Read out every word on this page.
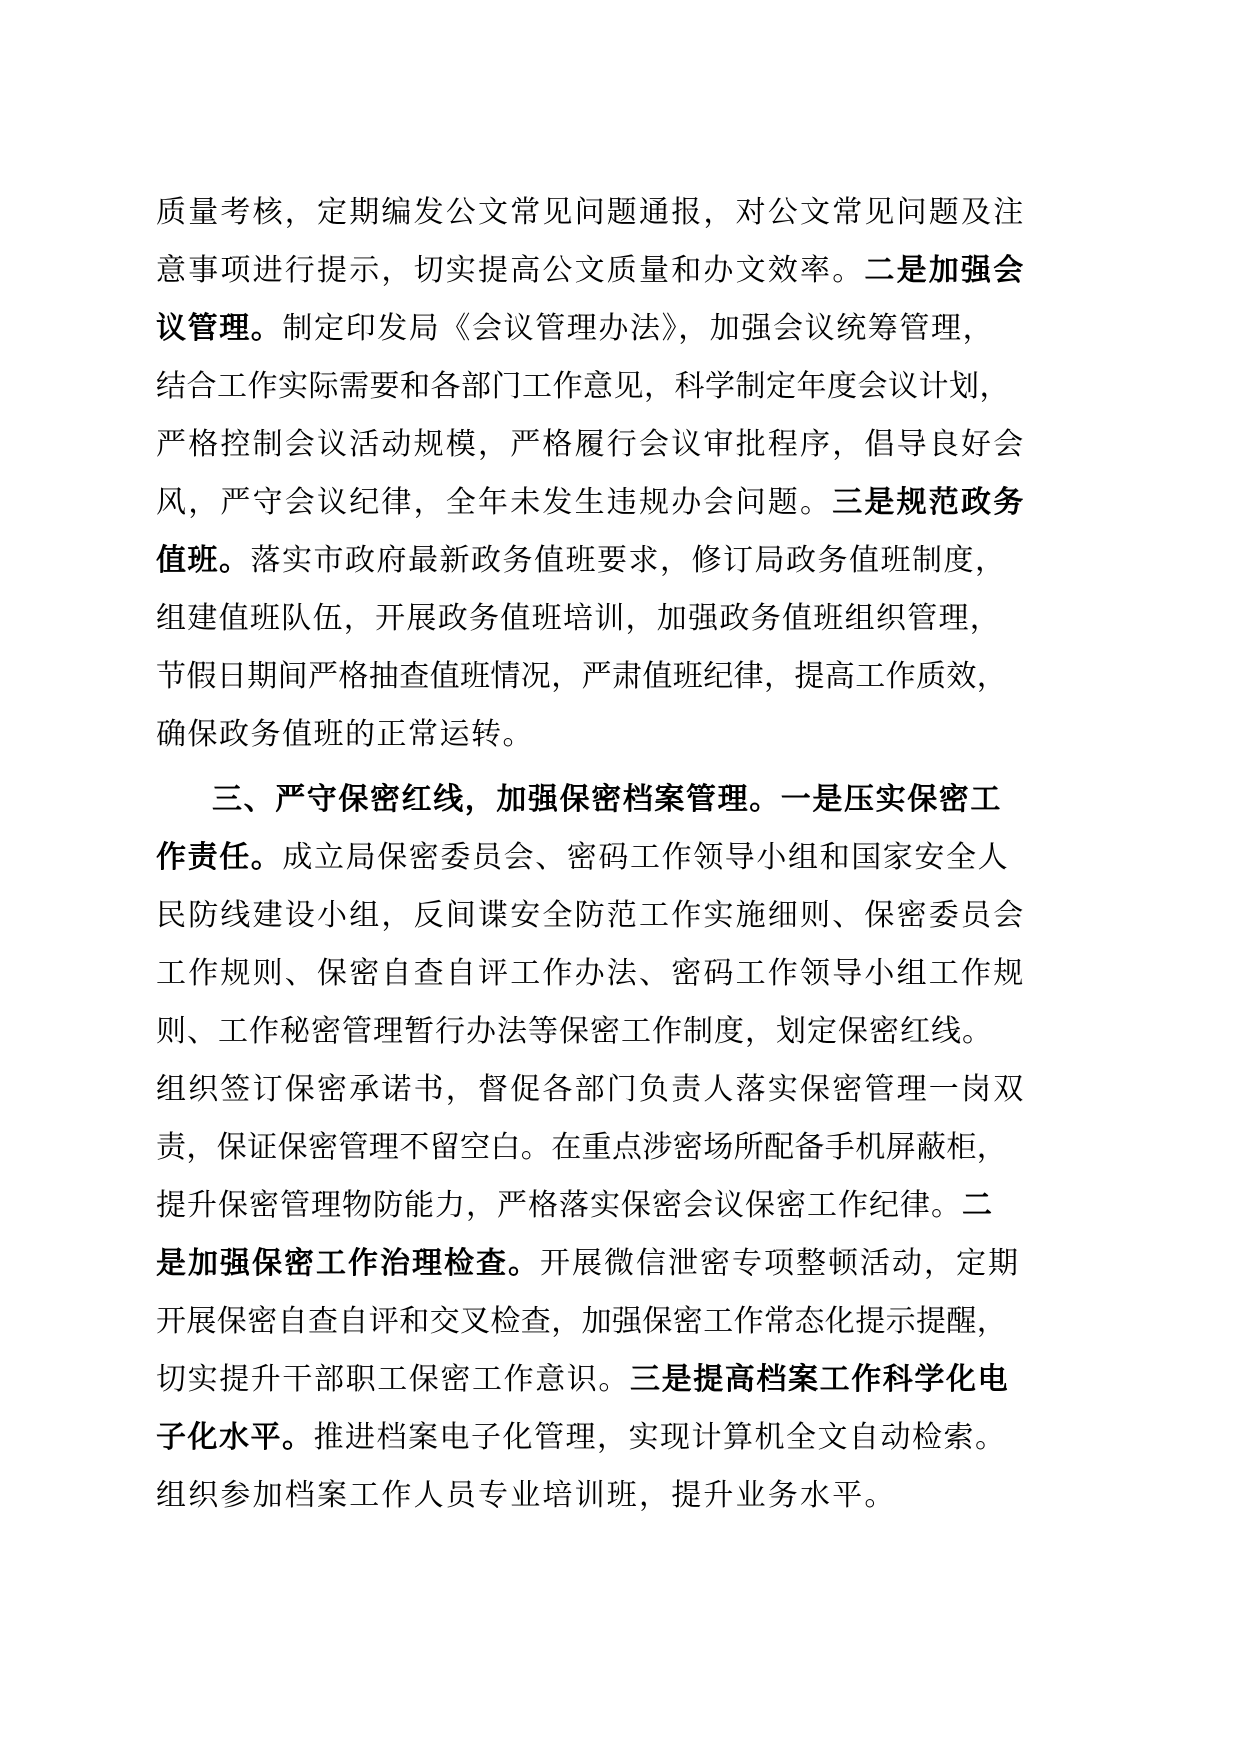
质量考核，定期编发公文常见问题通报，对公文常见问题及注
意事项进行提示，切实提高公文质量和办文效率。二是加强会
议管理。制定印发局《会议管理办法》，加强会议统筹管理，
结合工作实际需要和各部门工作意见，科学制定年度会议计划，
严格控制会议活动规模，严格履行会议审批程序，倡导良好会
风，严守会议纪律，全年未发生违规办会问题。三是规范政务
值班。落实市政府最新政务值班要求，修订局政务值班制度，
组建值班队伍，开展政务值班培训，加强政务值班组织管理，
节假日期间严格抽查值班情况，严肃值班纪律，提高工作质效，
确保政务值班的正常运转。
三、严守保密红线，加强保密档案管理。一是压实保密工
作责任。成立局保密委员会、密码工作领导小组和国家安全人
民防线建设小组，反间谍安全防范工作实施细则、保密委员会
工作规则、保密自查自评工作办法、密码工作领导小组工作规
则、工作秘密管理暂行办法等保密工作制度，划定保密红线。
组织签订保密承诺书，督促各部门负责人落实保密管理一岗双
责，保证保密管理不留空白。在重点涉密场所配备手机屏蔽柜，
提升保密管理物防能力，严格落实保密会议保密工作纪律。二
是加强保密工作治理检查。开展微信泄密专项整顿活动，定期
开展保密自查自评和交叉检查，加强保密工作常态化提示提醒，
切实提升干部职工保密工作意识。三是提高档案工作科学化电
子化水平。推进档案电子化管理，实现计算机全文自动检索。
组织参加档案工作人员专业培训班，提升业务水平。
